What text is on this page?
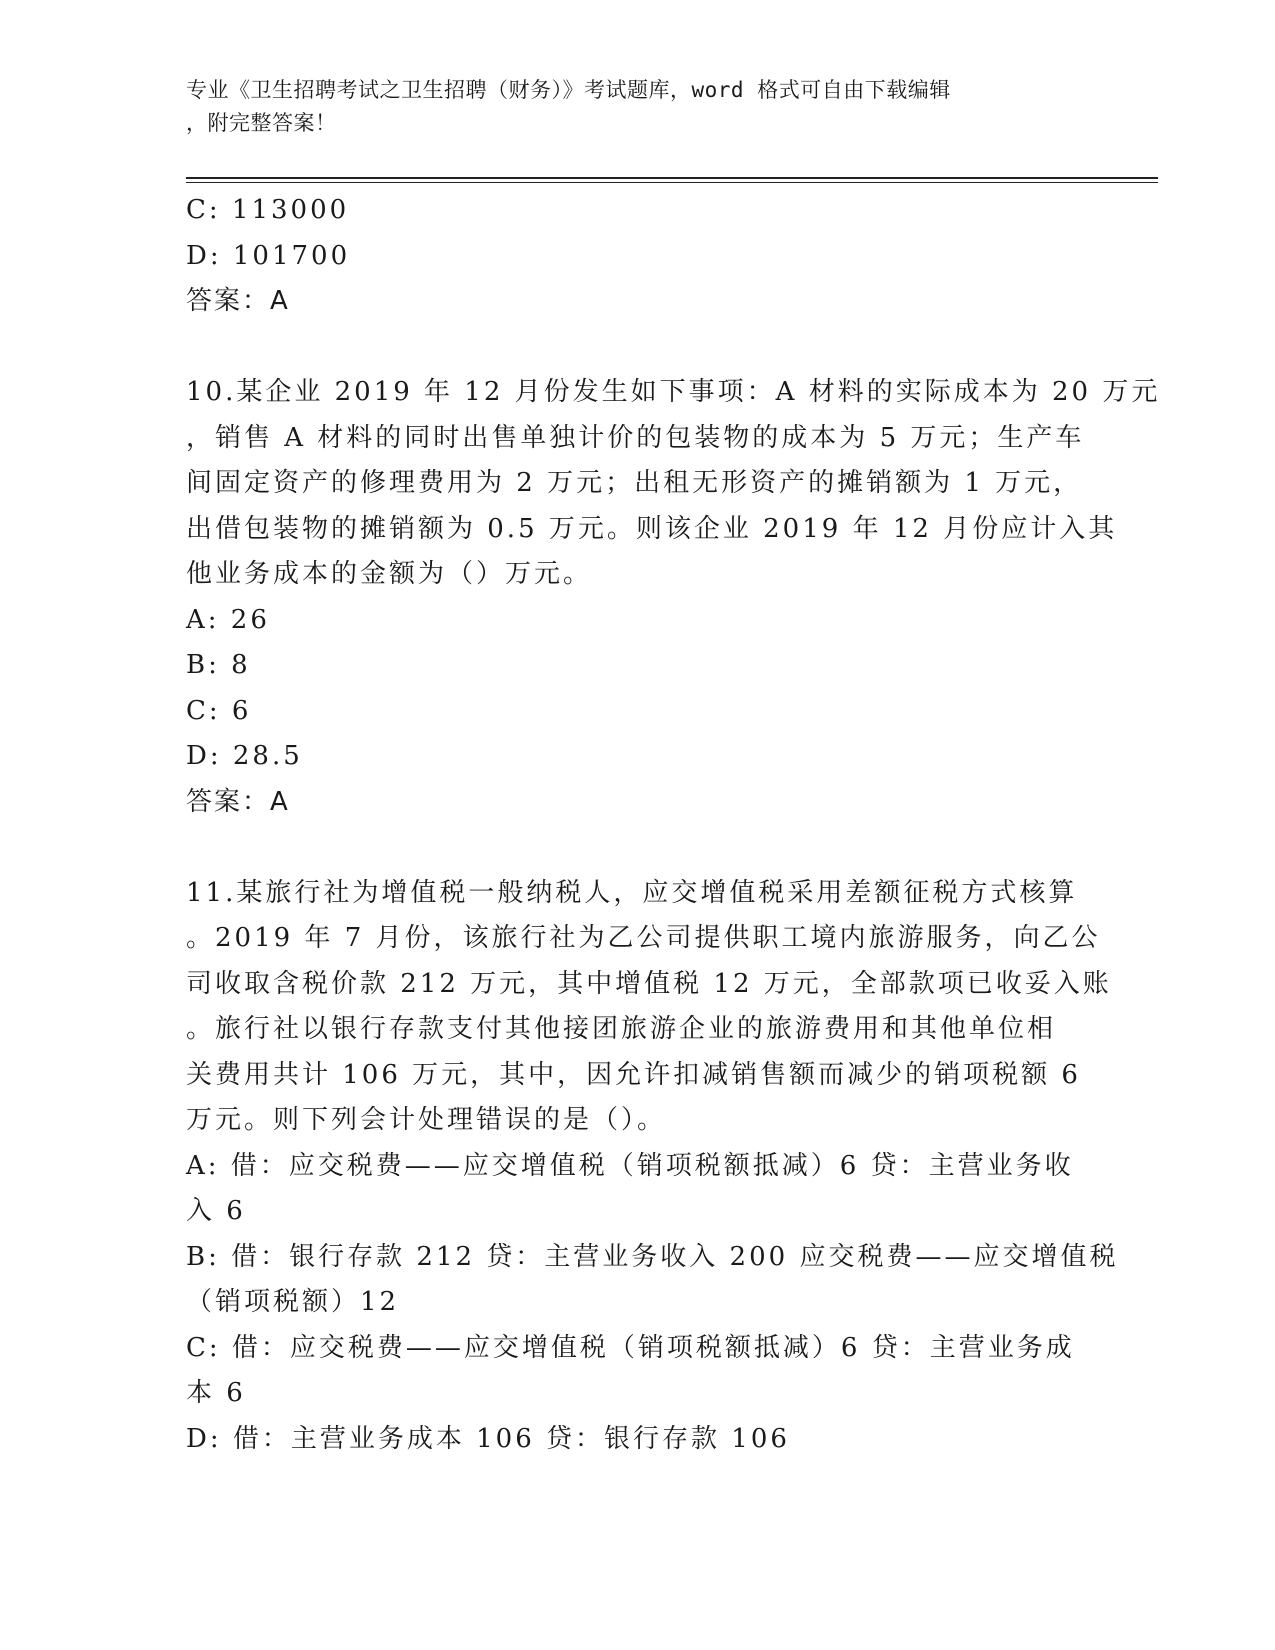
专业《卫生招聘考试之卫生招聘（财务）》考试题库，word 格式可自由下载编辑
，附完整答案！
C: 113000
D: 101700
答案：A
10.某企业 2019 年 12 月份发生如下事项：A 材料的实际成本为 20 万元
，销售 A 材料的同时出售单独计价的包装物的成本为 5 万元；生产车
间固定资产的修理费用为 2 万元；出租无形资产的摊销额为 1 万元，
出借包装物的摊销额为 0.5 万元。则该企业 2019 年 12 月份应计入其
他业务成本的金额为（）万元。
A: 26
B: 8
C: 6
D: 28.5
答案：A
11.某旅行社为增值税一般纳税人，应交增值税采用差额征税方式核算
。2019 年 7 月份，该旅行社为乙公司提供职工境内旅游服务，向乙公
司收取含税价款 212 万元，其中增值税 12 万元，全部款项已收妥入账
。旅行社以银行存款支付其他接团旅游企业的旅游费用和其他单位相
关费用共计 106 万元，其中，因允许扣减销售额而减少的销项税额 6
万元。则下列会计处理错误的是（）。
A: 借：应交税费——应交增值税（销项税额抵减）6 贷：主营业务收
入 6
B: 借：银行存款 212 贷：主营业务收入 200 应交税费——应交增值税
（销项税额）12
C: 借：应交税费——应交增值税（销项税额抵减）6 贷：主营业务成
本 6
D: 借：主营业务成本 106 贷：银行存款 106
